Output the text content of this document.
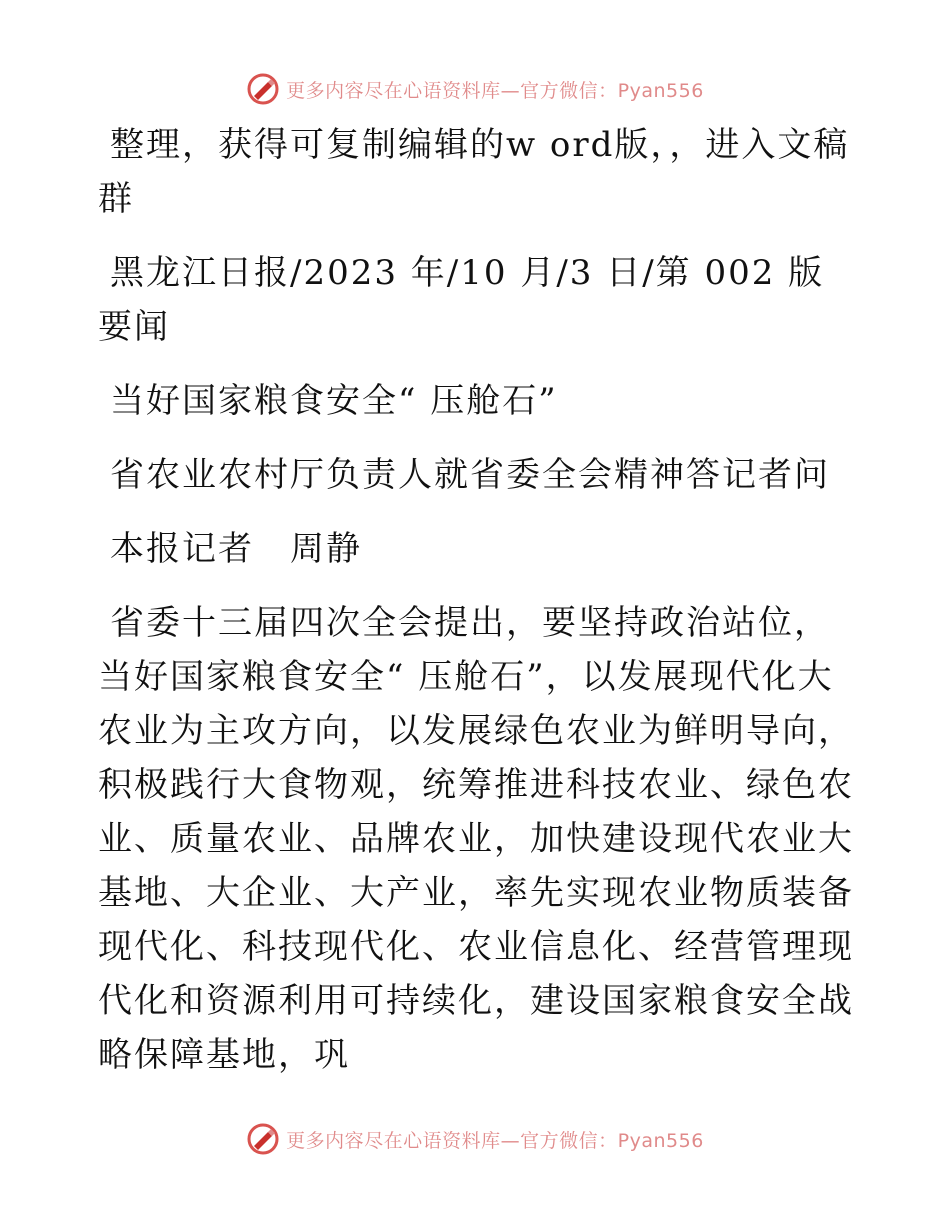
更多内容尽在心语资料库—官方微信：Pyan556

整理，获得可复制编辑的w ord版，，进入文稿群

黑龙江日报/2023 年/10 月/3 日/第 002 版要闻

当好国家粮食安全“ 压舱石”

省农业农村厅负责人就省委全会精神答记者问

本报记者　周静

省委十三届四次全会提出，要坚持政治站位，当好国家粮食安全“ 压舱石”，以发展现代化大农业为主攻方向，以发展绿色农业为鲜明导向，积极践行大食物观，统筹推进科技农业、绿色农业、质量农业、品牌农业，加快建设现代农业大基地、大企业、大产业，率先实现农业物质装备现代化、科技现代化、农业信息化、经营管理现代化和资源利用可持续化，建设国家粮食安全战略保障基地，巩

更多内容尽在心语资料库—官方微信：Pyan556
